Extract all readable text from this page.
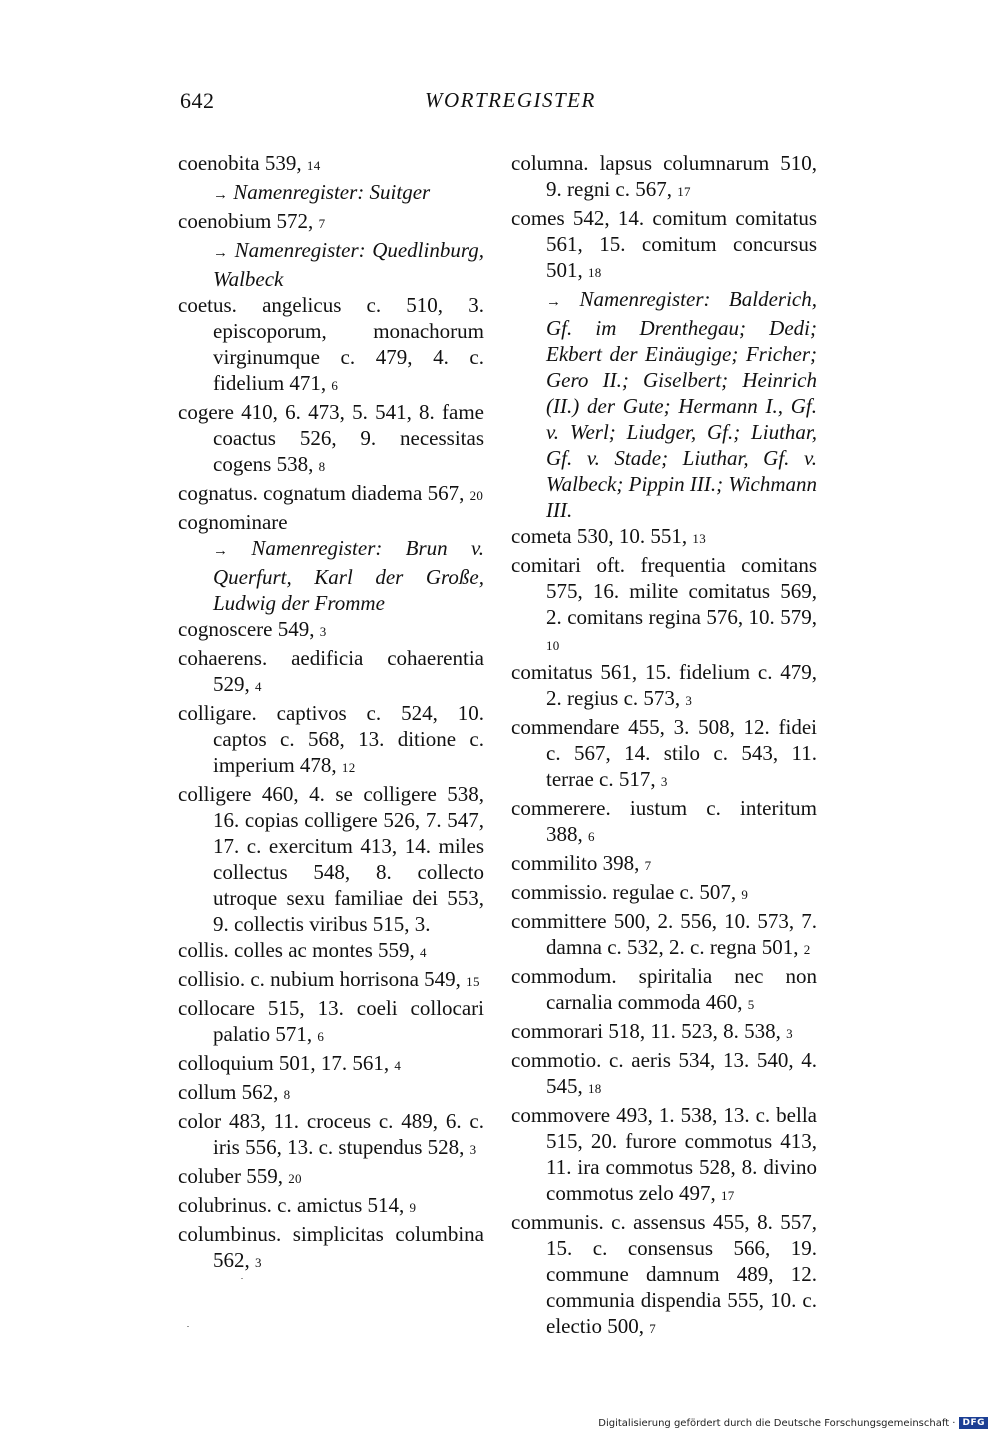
642	WORTREGISTER
coenobita 539, 14
→ Namenregister: Suitger
coenobium 572, 7
→ Namenregister: Quedlinburg, Walbeck
coetus. angelicus c. 510, 3. episcoporum, monachorum virginumque c. 479, 4. c. fidelium 471, 6
cogere 410, 6. 473, 5. 541, 8. fame coactus 526, 9. necessitas cogens 538, 8
cognatus. cognatum diadema 567, 20
cognominare
→ Namenregister: Brun v. Querfurt, Karl der Große, Ludwig der Fromme
cognoscere 549, 3
cohaerens. aedificia cohaerentia 529, 4
colligare. captivos c. 524, 10. captos c. 568, 13. ditione c. imperium 478, 12
colligere 460, 4. se colligere 538, 16. copias colligere 526, 7. 547, 17. c. exercitum 413, 14. miles collectus 548, 8. collecto utroque sexu familiae dei 553, 9. collectis viribus 515, 3.
collis. colles ac montes 559, 4
collisio. c. nubium horrisona 549, 15
collocare 515, 13. coeli collocari palatio 571, 6
colloquium 501, 17. 561, 4
collum 562, 8
color 483, 11. croceus c. 489, 6. c. iris 556, 13. c. stupendus 528, 3
coluber 559, 20
colubrinus. c. amictus 514, 9
columbinus. simplicitas columbina 562, 3
columna. lapsus columnarum 510, 9. regni c. 567, 17
comes 542, 14. comitum comitatus 561, 15. comitum concursus 501, 18
→ Namenregister: Balderich, Gf. im Drenthegau; Dedi; Ekbert der Einäugige; Fricher; Gero II.; Giselbert; Heinrich (II.) der Gute; Hermann I., Gf. v. Werl; Liudger, Gf.; Liuthar, Gf. v. Stade; Liuthar, Gf. v. Walbeck; Pippin III.; Wichmann III.
cometa 530, 10. 551, 13
comitari oft. frequentia comitans 575, 16. milite comitatus 569, 2. comitans regina 576, 10. 579, 10
comitatus 561, 15. fidelium c. 479, 2. regius c. 573, 3
commendare 455, 3. 508, 12. fidei c. 567, 14. stilo c. 543, 11. terrae c. 517, 3
commerere. iustum c. interitum 388, 6
commilito 398, 7
commissio. regulae c. 507, 9
committere 500, 2. 556, 10. 573, 7. damna c. 532, 2. c. regna 501, 2
commodum. spiritalia nec non carnalia commoda 460, 5
commorari 518, 11. 523, 8. 538, 3
commotio. c. aeris 534, 13. 540, 4. 545, 18
commovere 493, 1. 538, 13. c. bella 515, 20. furore commotus 413, 11. ira commotus 528, 8. divino commotus zelo 497, 17
communis. c. assensus 455, 8. 557, 15. c. consensus 566, 19. commune damnum 489, 12. communia dispendia 555, 10. c. electio 500, 7
Digitalisierung gefördert durch die Deutsche Forschungsgemeinschaft · DFG
